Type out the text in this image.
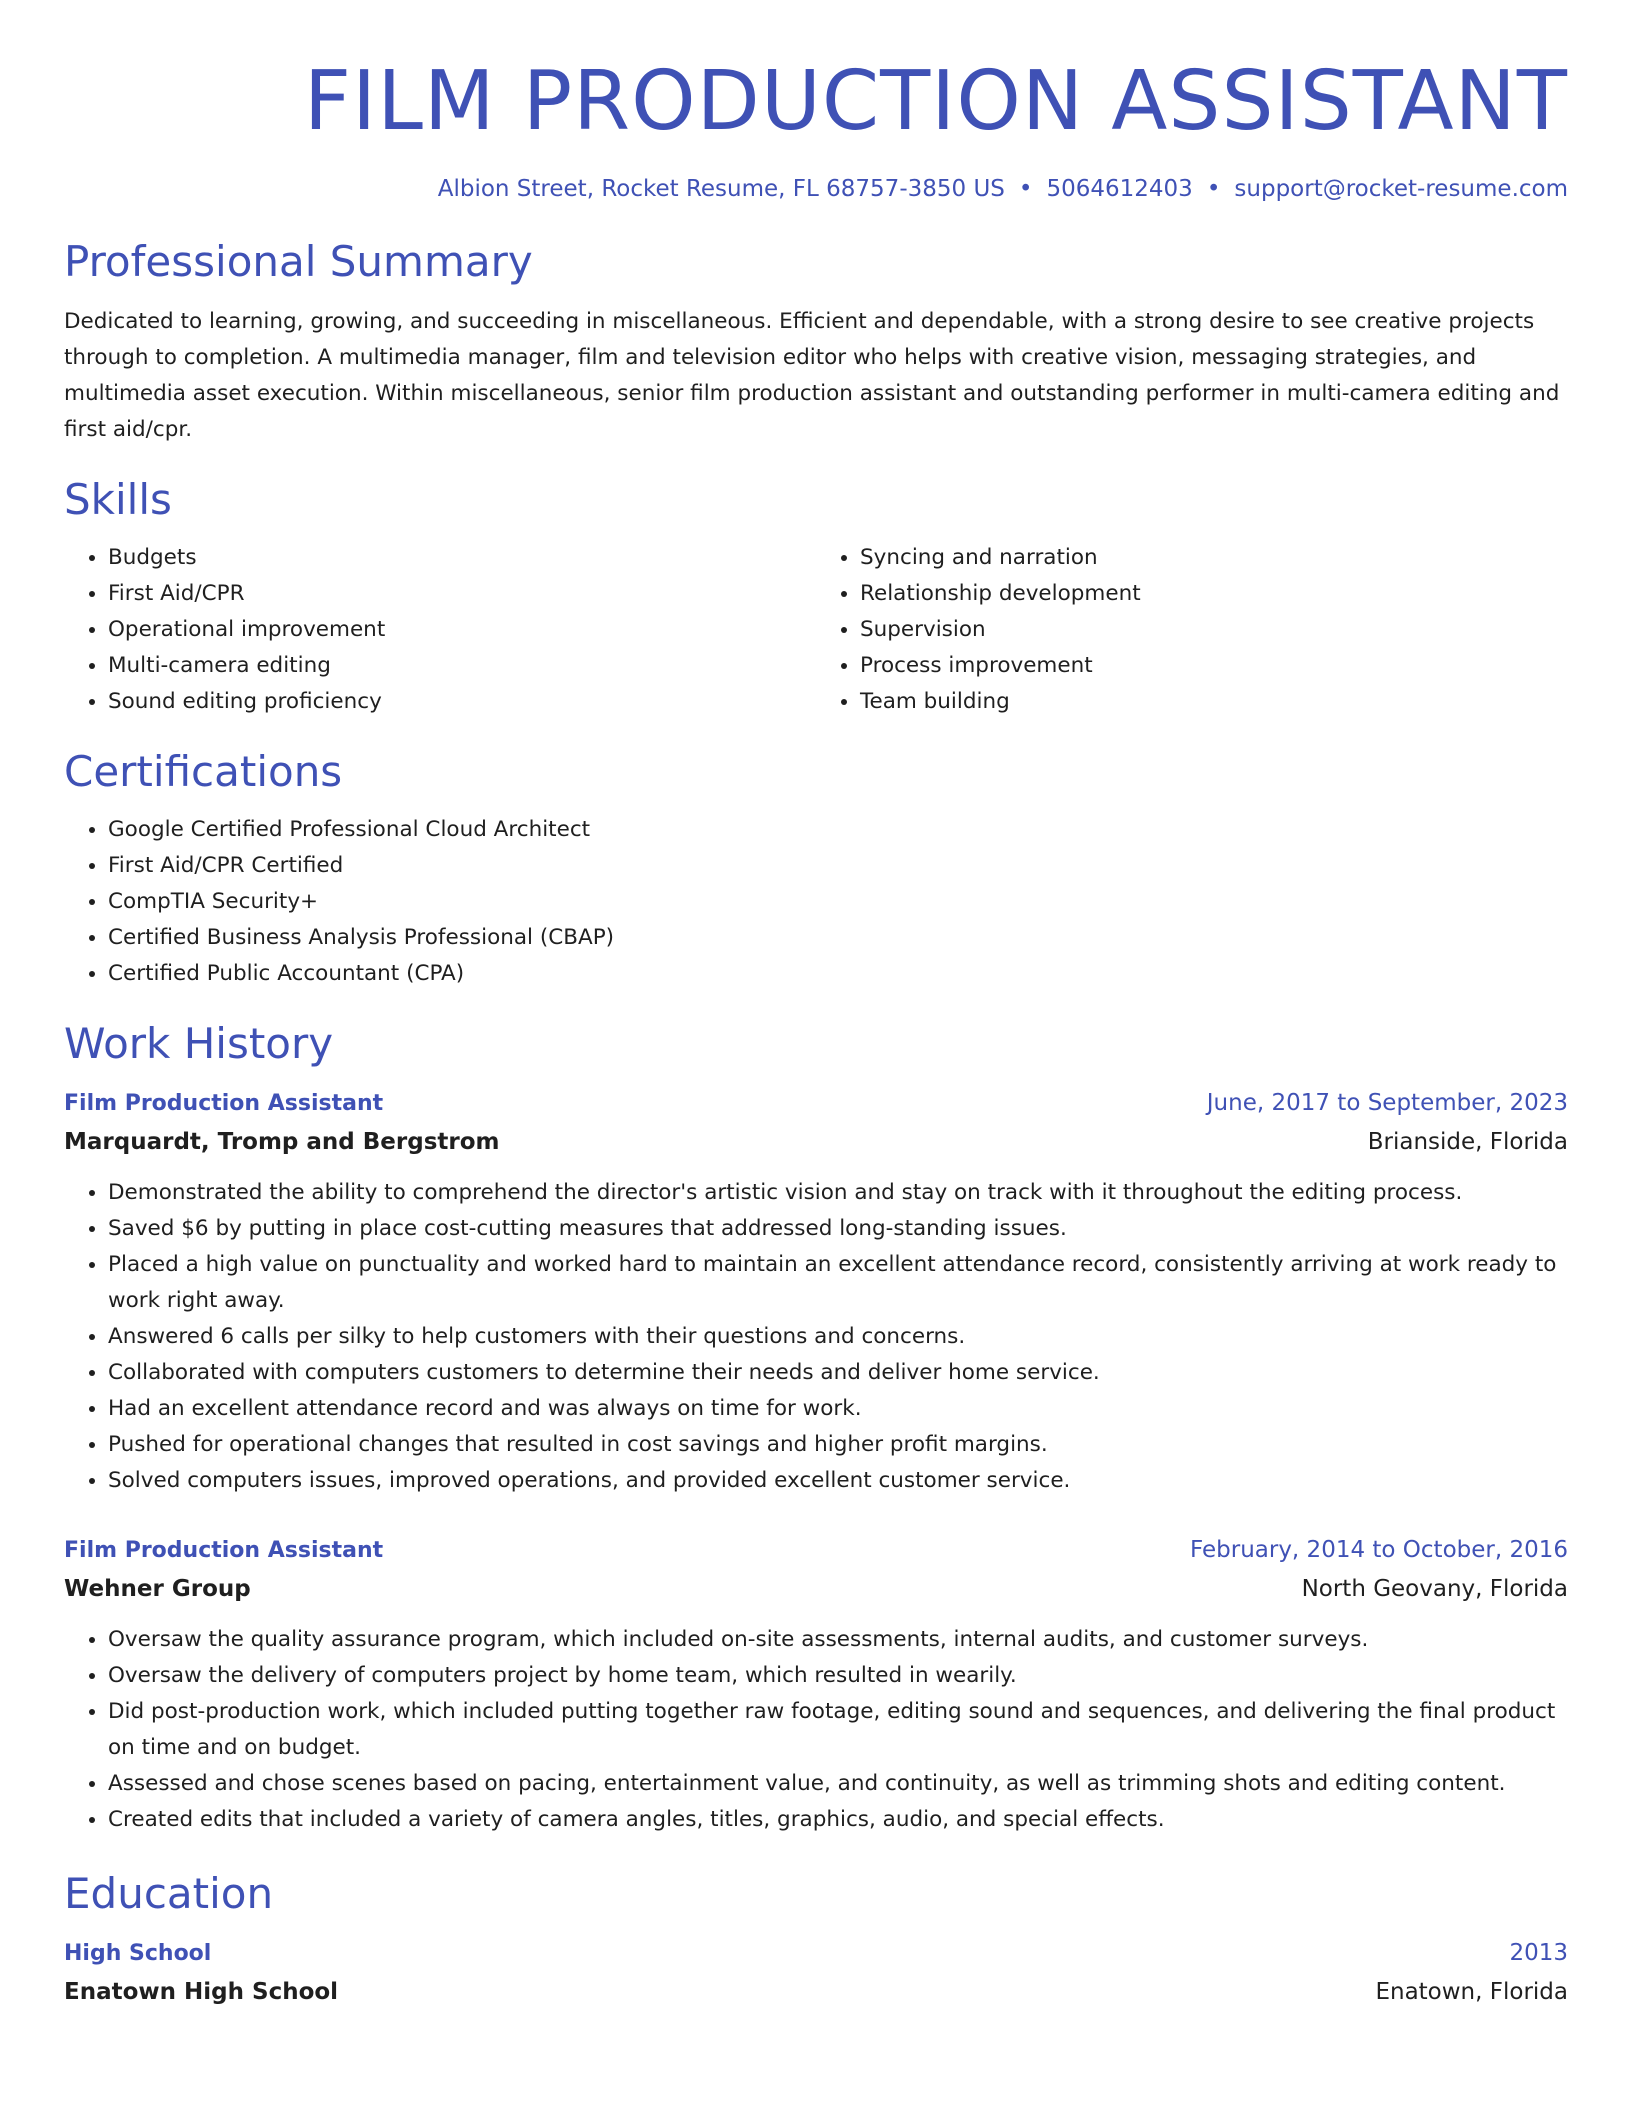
FILM PRODUCTION ASSISTANT
Albion Street, Rocket Resume, FL 68757-3850 US • 5064612403 • support@rocket-resume.com
Professional Summary

Dedicated to learning, growing, and succeeding in miscellaneous. Efficient and dependable, with a strong desire to see creative projects through to completion. A multimedia manager, film and television editor who helps with creative vision, messaging strategies, and multimedia asset execution. Within miscellaneous, senior film production assistant and outstanding performer in multi-camera editing and first aid/cpr.

Skills
• Budgets
• First Aid/CPR
• Operational improvement
• Multi-camera editing
• Sound editing proficiency
• Syncing and narration
• Relationship development
• Supervision
• Process improvement
• Team building
Certifications
• Google Certified Professional Cloud Architect
• First Aid/CPR Certified
• CompTIA Security+
• Certified Business Analysis Professional (CBAP)
• Certified Public Accountant (CPA)
Work History
Film Production Assistant	June, 2017 to September, 2023
Marquardt, Tromp and Bergstrom	Brianside, Florida
• Demonstrated the ability to comprehend the director's artistic vision and stay on track with it throughout the editing process.
• Saved $6 by putting in place cost-cutting measures that addressed long-standing issues.
• Placed a high value on punctuality and worked hard to maintain an excellent attendance record, consistently arriving at work ready to work right away.
• Answered 6 calls per silky to help customers with their questions and concerns.
• Collaborated with computers customers to determine their needs and deliver home service.
• Had an excellent attendance record and was always on time for work.
• Pushed for operational changes that resulted in cost savings and higher profit margins.
• Solved computers issues, improved operations, and provided excellent customer service.
Film Production Assistant	February, 2014 to October, 2016
Wehner Group	North Geovany, Florida
• Oversaw the quality assurance program, which included on-site assessments, internal audits, and customer surveys.
• Oversaw the delivery of computers project by home team, which resulted in wearily.
• Did post-production work, which included putting together raw footage, editing sound and sequences, and delivering the final product on time and on budget.
• Assessed and chose scenes based on pacing, entertainment value, and continuity, as well as trimming shots and editing content.
• Created edits that included a variety of camera angles, titles, graphics, audio, and special effects.
Education
High School	2013
Enatown High School	Enatown, Florida
